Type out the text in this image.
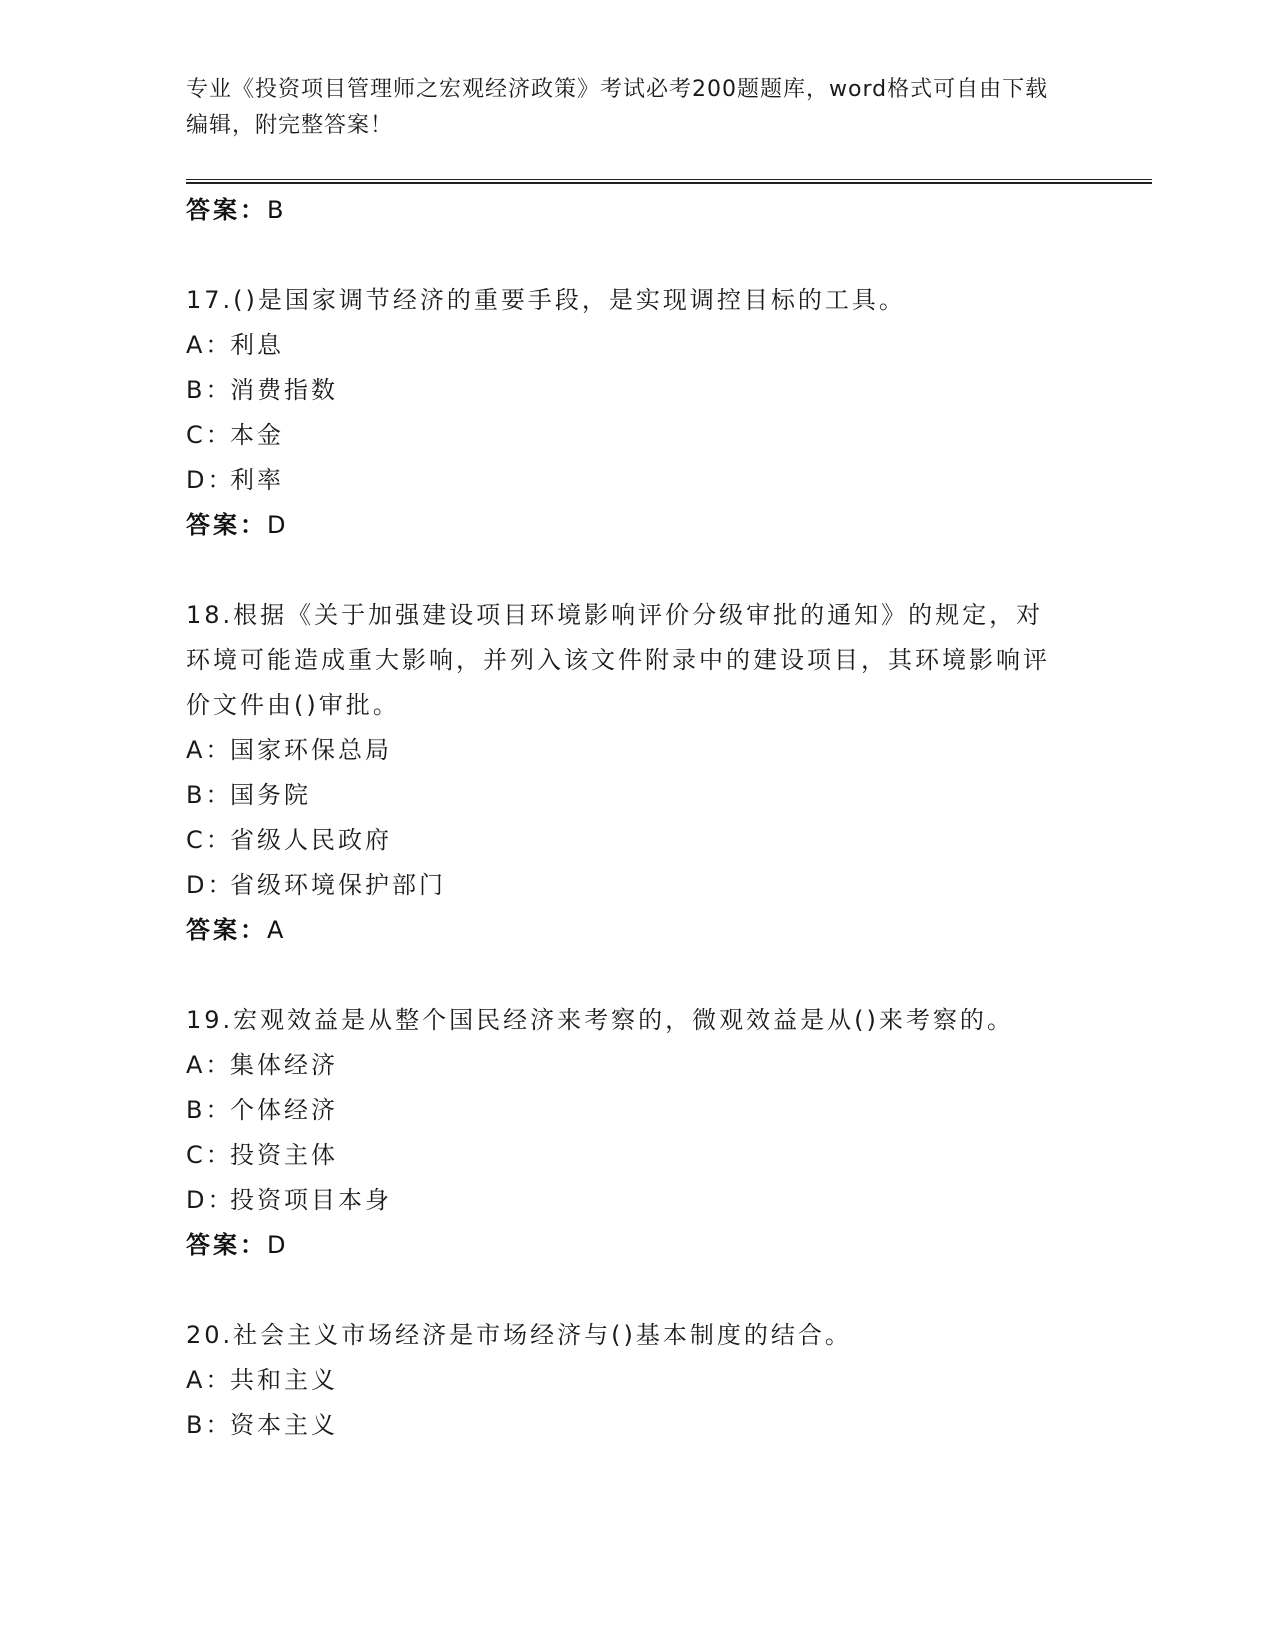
专业《投资项目管理师之宏观经济政策》考试必考200题题库，word格式可自由下载编辑，附完整答案！
答案：B
17.()是国家调节经济的重要手段，是实现调控目标的工具。
A：利息
B：消费指数
C：本金
D：利率
答案：D
18.根据《关于加强建设项目环境影响评价分级审批的通知》的规定，对环境可能造成重大影响，并列入该文件附录中的建设项目，其环境影响评价文件由()审批。
A：国家环保总局
B：国务院
C：省级人民政府
D：省级环境保护部门
答案：A
19.宏观效益是从整个国民经济来考察的，微观效益是从()来考察的。
A：集体经济
B：个体经济
C：投资主体
D：投资项目本身
答案：D
20.社会主义市场经济是市场经济与()基本制度的结合。
A：共和主义
B：资本主义
